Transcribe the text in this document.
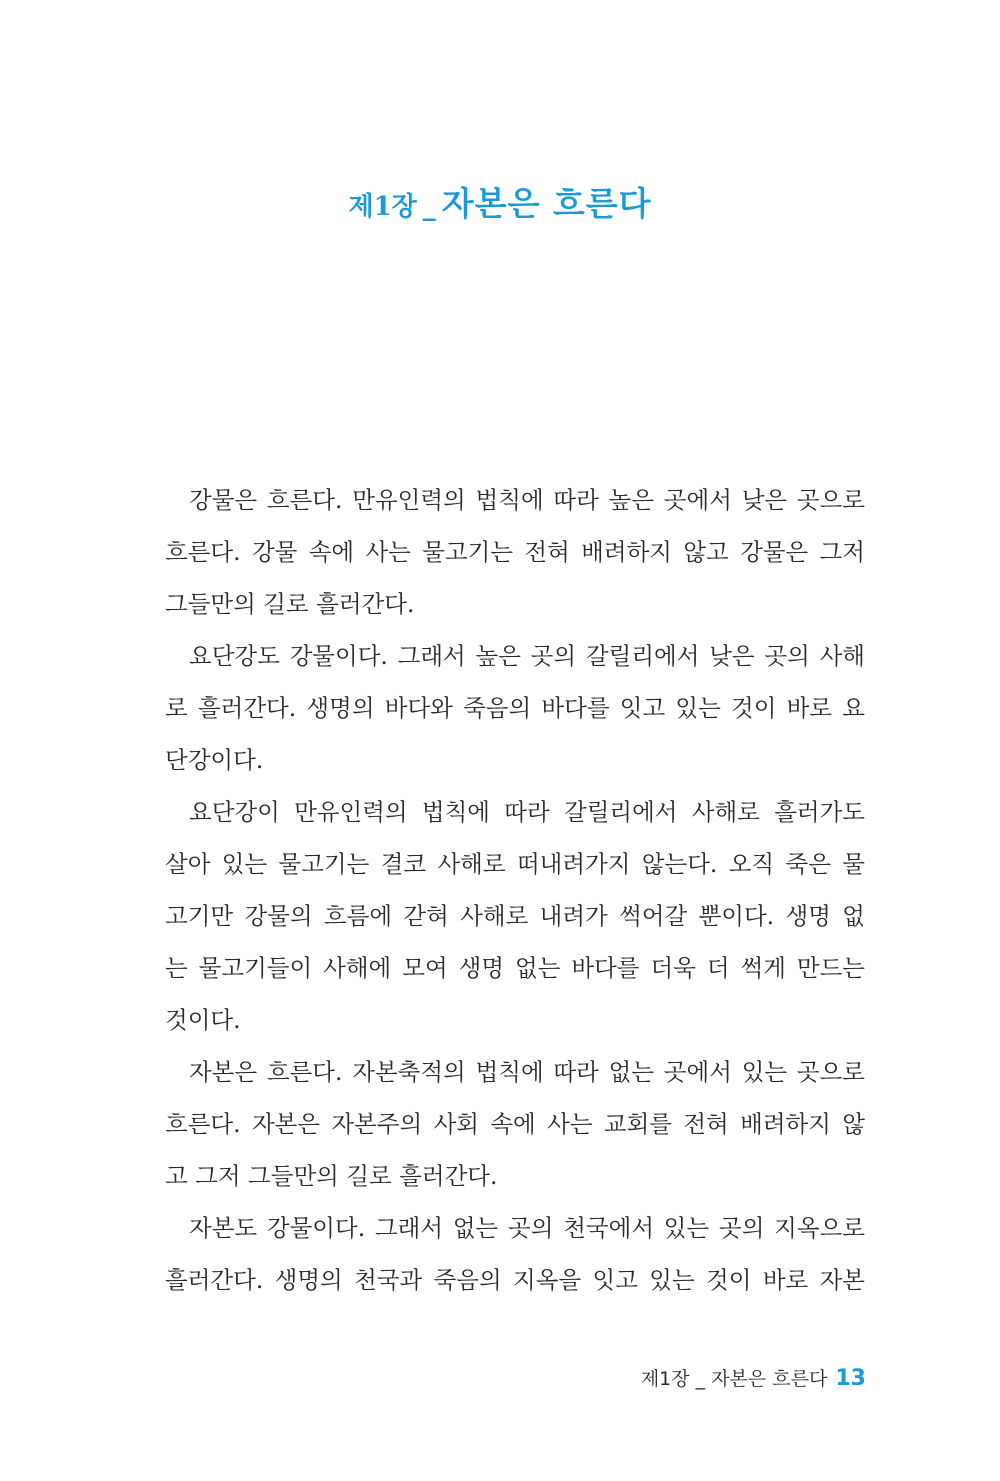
제1장 _ 자본은 흐른다
강물은 흐른다. 만유인력의 법칙에 따라 높은 곳에서 낮은 곳으로
흐른다. 강물 속에 사는 물고기는 전혀 배려하지 않고 강물은 그저
그들만의 길로 흘러간다.
요단강도 강물이다. 그래서 높은 곳의 갈릴리에서 낮은 곳의 사해
로 흘러간다. 생명의 바다와 죽음의 바다를 잇고 있는 것이 바로 요
단강이다.
요단강이 만유인력의 법칙에 따라 갈릴리에서 사해로 흘러가도
살아 있는 물고기는 결코 사해로 떠내려가지 않는다. 오직 죽은 물
고기만 강물의 흐름에 갇혀 사해로 내려가 썩어갈 뿐이다. 생명 없
는 물고기들이 사해에 모여 생명 없는 바다를 더욱 더 썩게 만드는
것이다.
자본은 흐른다. 자본축적의 법칙에 따라 없는 곳에서 있는 곳으로
흐른다. 자본은 자본주의 사회 속에 사는 교회를 전혀 배려하지 않
고 그저 그들만의 길로 흘러간다.
자본도 강물이다. 그래서 없는 곳의 천국에서 있는 곳의 지옥으로
흘러간다. 생명의 천국과 죽음의 지옥을 잇고 있는 것이 바로 자본
제1장 _ 자본은 흐른다 13
